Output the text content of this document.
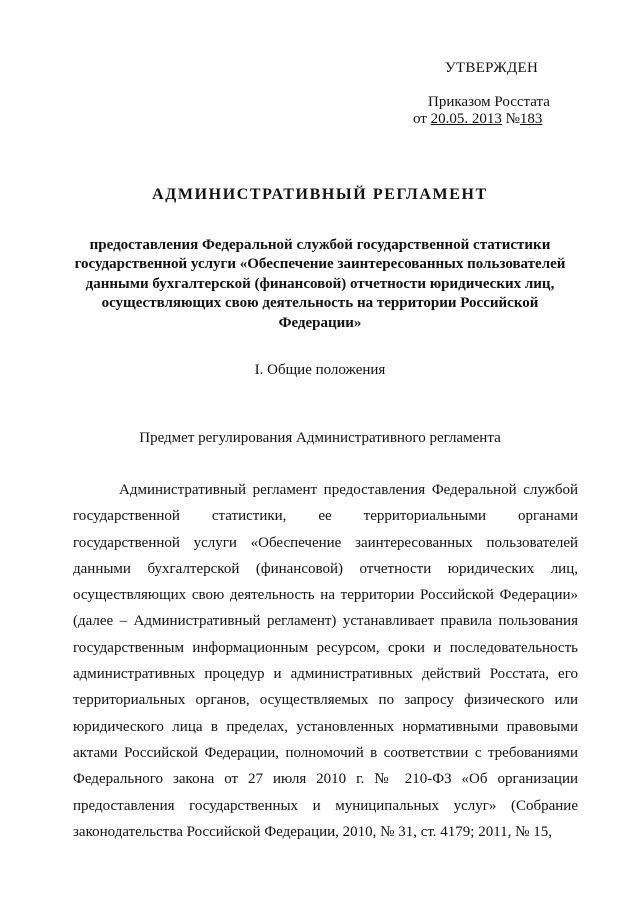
УТВЕРЖДЕН
Приказом Росстата
от 20.05. 2013 №183
АДМИНИСТРАТИВНЫЙ РЕГЛАМЕНТ
предоставления Федеральной службой государственной статистики
государственной услуги «Обеспечение заинтересованных пользователей
данными бухгалтерской (финансовой) отчетности юридических лиц,
осуществляющих свою деятельность на территории Российской
Федерации»
I. Общие положения
Предмет регулирования Административного регламента
Административный регламент предоставления Федеральной службой
государственной статистики, ее территориальными органами
государственной услуги «Обеспечение заинтересованных пользователей
данными бухгалтерской (финансовой) отчетности юридических лиц,
осуществляющих свою деятельность на территории Российской Федерации»
(далее – Административный регламент) устанавливает правила пользования
государственным информационным ресурсом, сроки и последовательность
административных процедур и административных действий Росстата, его
территориальных органов, осуществляемых по запросу физического или
юридического лица в пределах, установленных нормативными правовыми
актами Российской Федерации, полномочий в соответствии с требованиями
Федерального закона от 27 июля 2010 г. № 210-ФЗ «Об организации
предоставления государственных и муниципальных услуг» (Собрание
законодательства Российской Федерации, 2010, № 31, ст. 4179; 2011, № 15,
